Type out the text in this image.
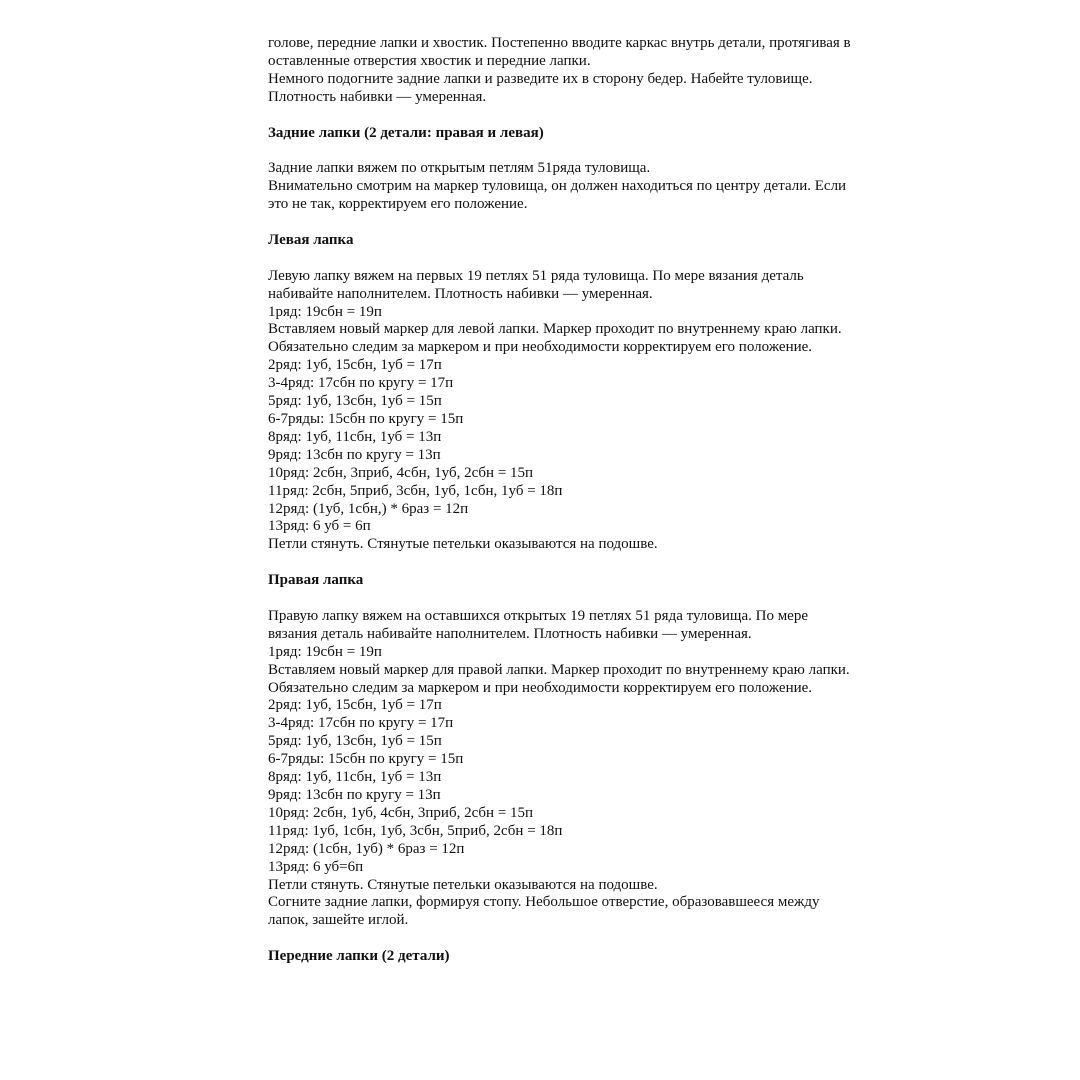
голове, передние лапки и хвостик. Постепенно вводите каркас внутрь детали, протягивая в
оставленные отверстия хвостик и передние лапки.
Немного подогните задние лапки и разведите их в сторону бедер. Набейте туловище.
Плотность набивки — умеренная.
Задние лапки (2 детали: правая и левая)
Задние лапки вяжем по открытым петлям 51ряда туловища.
Внимательно смотрим на маркер туловища, он должен находиться по центру детали. Если
это не так, корректируем его положение.
Левая лапка
Левую лапку вяжем на первых 19 петлях 51 ряда туловища. По мере вязания деталь
набивайте наполнителем. Плотность набивки — умеренная.
1ряд: 19сбн = 19п
Вставляем новый маркер для левой лапки. Маркер проходит по внутреннему краю лапки.
Обязательно следим за маркером и при необходимости корректируем его положение.
2ряд: 1уб, 15сбн, 1уб = 17п
3-4ряд: 17сбн по кругу = 17п
5ряд: 1уб, 13сбн, 1уб = 15п
6-7ряды: 15сбн по кругу = 15п
8ряд: 1уб, 11сбн, 1уб = 13п
9ряд: 13сбн по кругу = 13п
10ряд: 2сбн, 3приб, 4сбн, 1уб, 2сбн = 15п
11ряд: 2сбн, 5приб, 3сбн, 1уб, 1сбн, 1уб = 18п
12ряд: (1уб, 1сбн,) * 6раз = 12п
13ряд: 6 уб = 6п
Петли стянуть. Стянутые петельки оказываются на подошве.
Правая лапка
Правую лапку вяжем на оставшихся открытых 19 петлях 51 ряда туловища. По мере
вязания деталь набивайте наполнителем. Плотность набивки — умеренная.
1ряд: 19сбн = 19п
Вставляем новый маркер для правой лапки. Маркер проходит по внутреннему краю лапки.
Обязательно следим за маркером и при необходимости корректируем его положение.
2ряд: 1уб, 15сбн, 1уб = 17п
3-4ряд: 17сбн по кругу = 17п
5ряд: 1уб, 13сбн, 1уб = 15п
6-7ряды: 15сбн по кругу = 15п
8ряд: 1уб, 11сбн, 1уб = 13п
9ряд: 13сбн по кругу = 13п
10ряд: 2сбн, 1уб, 4сбн, 3приб, 2сбн = 15п
11ряд: 1уб, 1сбн, 1уб, 3сбн, 5приб, 2сбн = 18п
12ряд: (1сбн, 1уб) * 6раз = 12п
13ряд: 6 уб=6п
Петли стянуть. Стянутые петельки оказываются на подошве.
Согните задние лапки, формируя стопу. Небольшое отверстие, образовавшееся между
лапок, зашейте иглой.
Передние лапки (2 детали)
